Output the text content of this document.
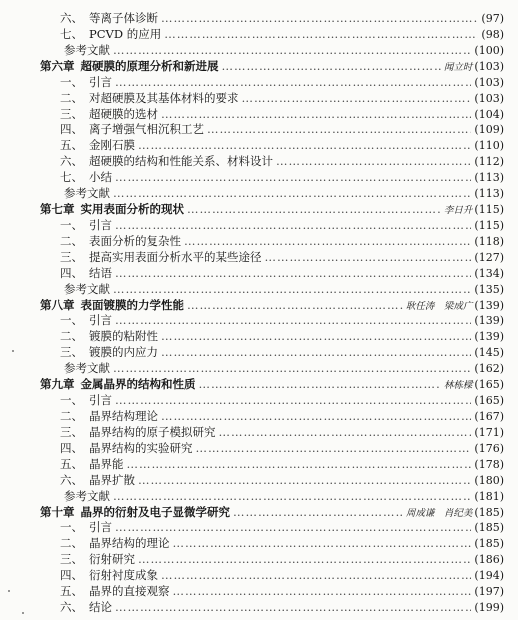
六、 等离子体诊断 ……………………………………………………………………………………………………………………………………………………………………………………	(97)
七、 PCVD 的应用 ……………………………………………………………………………………………………………………………………………………………………………………	(98)
参考文献 ……………………………………………………………………………………………………………………………………………………………………………………	(100)
第六章 超硬膜的原理分析和新进展 ……………………………………………………………………………………………………………………………………………………………………………………	闻立时 (103)
一、 引言 ……………………………………………………………………………………………………………………………………………………………………………………	(103)
二、 对超硬膜及其基体材料的要求 ……………………………………………………………………………………………………………………………………………………………………………………	(103)
三、 超硬膜的选材 ……………………………………………………………………………………………………………………………………………………………………………………	(104)
四、 离子增强气相沉积工艺 ……………………………………………………………………………………………………………………………………………………………………………………	(109)
五、 金刚石膜 ……………………………………………………………………………………………………………………………………………………………………………………	(110)
六、 超硬膜的结构和性能关系、材料设计 ……………………………………………………………………………………………………………………………………………………………………………………	(112)
七、 小结 ……………………………………………………………………………………………………………………………………………………………………………………	(113)
参考文献 ……………………………………………………………………………………………………………………………………………………………………………………	(113)
第七章 实用表面分析的现状 ……………………………………………………………………………………………………………………………………………………………………………………	李日升 (115)
一、 引言 ……………………………………………………………………………………………………………………………………………………………………………………	(115)
二、 表面分析的复杂性 ……………………………………………………………………………………………………………………………………………………………………………………	(118)
三、 提高实用表面分析水平的某些途径 ……………………………………………………………………………………………………………………………………………………………………………………	(127)
四、 结语 ……………………………………………………………………………………………………………………………………………………………………………………	(134)
参考文献 ……………………………………………………………………………………………………………………………………………………………………………………	(135)
第八章 表面镀膜的力学性能 ……………………………………………………………………………………………………………………………………………………………………………………	耿任涛　梁成广 (139)
一、 引言 ……………………………………………………………………………………………………………………………………………………………………………………	(139)
二、 镀膜的粘附性 ……………………………………………………………………………………………………………………………………………………………………………………	(139)
三、 镀膜的内应力 ……………………………………………………………………………………………………………………………………………………………………………………	(145)
参考文献 ……………………………………………………………………………………………………………………………………………………………………………………	(162)
第九章 金属晶界的结构和性质 ……………………………………………………………………………………………………………………………………………………………………………………	林栋樑 (165)
一、 引言 ……………………………………………………………………………………………………………………………………………………………………………………	(165)
二、 晶界结构理论 ……………………………………………………………………………………………………………………………………………………………………………………	(167)
三、 晶界结构的原子模拟研究 ……………………………………………………………………………………………………………………………………………………………………………………	(171)
四、 晶界结构的实验研究 ……………………………………………………………………………………………………………………………………………………………………………………	(176)
五、 晶界能 ……………………………………………………………………………………………………………………………………………………………………………………	(178)
六、 晶界扩散 ……………………………………………………………………………………………………………………………………………………………………………………	(180)
参考文献 ……………………………………………………………………………………………………………………………………………………………………………………	(181)
第十章 晶界的衍射及电子显微学研究 ……………………………………………………………………………………………………………………………………………………………………………………	周成谦　肖纪美 (185)
一、 引言 ……………………………………………………………………………………………………………………………………………………………………………………	(185)
二、 晶界结构的理论 ……………………………………………………………………………………………………………………………………………………………………………………	(185)
三、 衍射研究 ……………………………………………………………………………………………………………………………………………………………………………………	(186)
四、 衍射衬度成象 ……………………………………………………………………………………………………………………………………………………………………………………	(194)
五、 晶界的直接观察 ……………………………………………………………………………………………………………………………………………………………………………………	(197)
六、 结论 ……………………………………………………………………………………………………………………………………………………………………………………	(199)
